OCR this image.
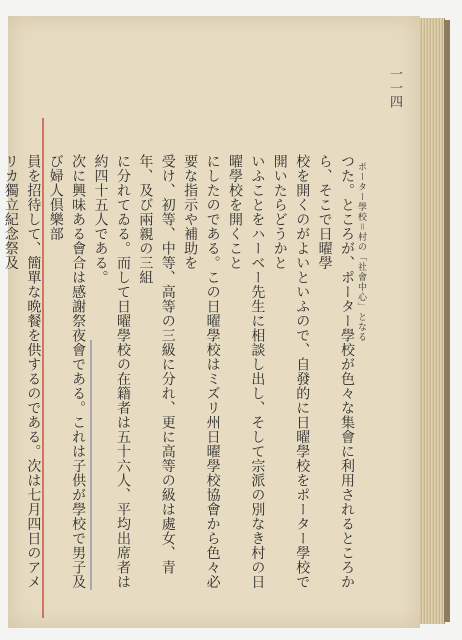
一一四
ポーター學校＝村の「社會中心」となる

つた。ところが、ポーター學校が色々な集會に利用されるところから、そこで日曜學

校を開くのがよいといふので、自發的に日曜學校をポーター學校で開いたらどうかと

いふことをハーベー先生に相談し出し、そして宗派の別なき村の日曜學校を開くこと

にしたのである。この日曜學校はミズリ州日曜學校協會から色々必要な指示や補助を

受け、初等、中等、高等の三級に分れ、更に高等の級は處女、青年、及び兩親の三組

に分れてゐる。而して日曜學校の在籍者は五十六人、平均出席者は約四十五人である。

次に興味ある會合は感謝祭夜會である。これは子供が學校で男子及び婦人倶樂部

員を招待して、簡單な晩餐を供するのである。次は七月四日のアメリカ獨立紀念祭及
